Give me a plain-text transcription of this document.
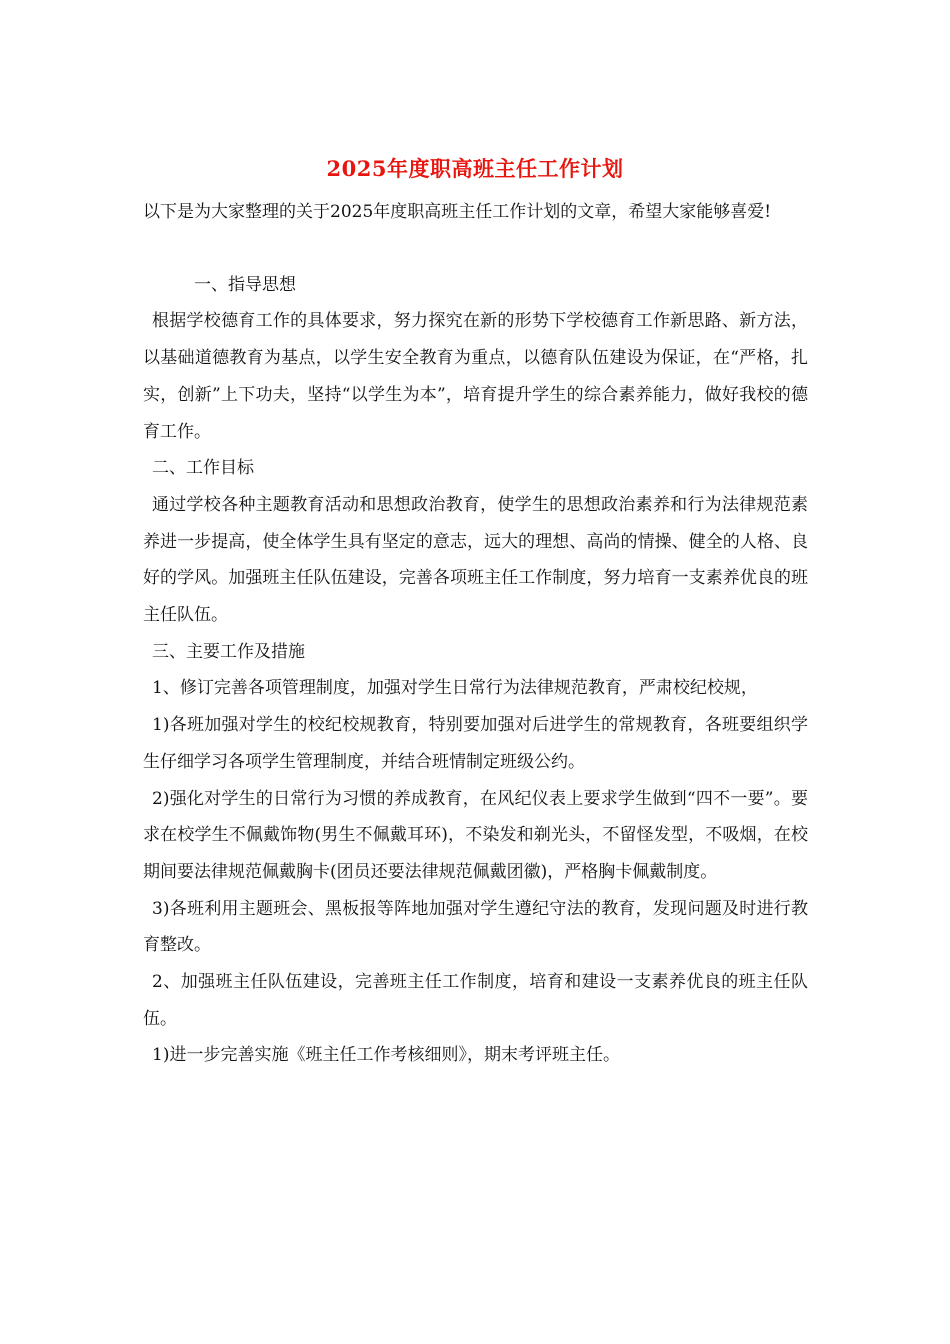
2025年度职高班主任工作计划

以下是为大家整理的关于2025年度职高班主任工作计划的文章，希望大家能够喜爱!

一、指导思想

根据学校德育工作的具体要求，努力探究在新的形势下学校德育工作新思路、新方法，以基础道德教育为基点，以学生安全教育为重点，以德育队伍建设为保证，在“严格，扎实，创新”上下功夫，坚持“以学生为本”，培育提升学生的综合素养能力，做好我校的德育工作。

二、工作目标

通过学校各种主题教育活动和思想政治教育，使学生的思想政治素养和行为法律规范素养进一步提高，使全体学生具有坚定的意志，远大的理想、高尚的情操、健全的人格、良好的学风。加强班主任队伍建设，完善各项班主任工作制度，努力培育一支素养优良的班主任队伍。

三、主要工作及措施

1、修订完善各项管理制度，加强对学生日常行为法律规范教育，严肃校纪校规，

1)各班加强对学生的校纪校规教育，特别要加强对后进学生的常规教育，各班要组织学生仔细学习各项学生管理制度，并结合班情制定班级公约。

2)强化对学生的日常行为习惯的养成教育，在风纪仪表上要求学生做到“四不一要”。要求在校学生不佩戴饰物(男生不佩戴耳环)，不染发和剃光头，不留怪发型，不吸烟，在校期间要法律规范佩戴胸卡(团员还要法律规范佩戴团徽)，严格胸卡佩戴制度。

3)各班利用主题班会、黑板报等阵地加强对学生遵纪守法的教育，发现问题及时进行教育整改。

2、加强班主任队伍建设，完善班主任工作制度，培育和建设一支素养优良的班主任队伍。

1)进一步完善实施《班主任工作考核细则》，期末考评班主任。
